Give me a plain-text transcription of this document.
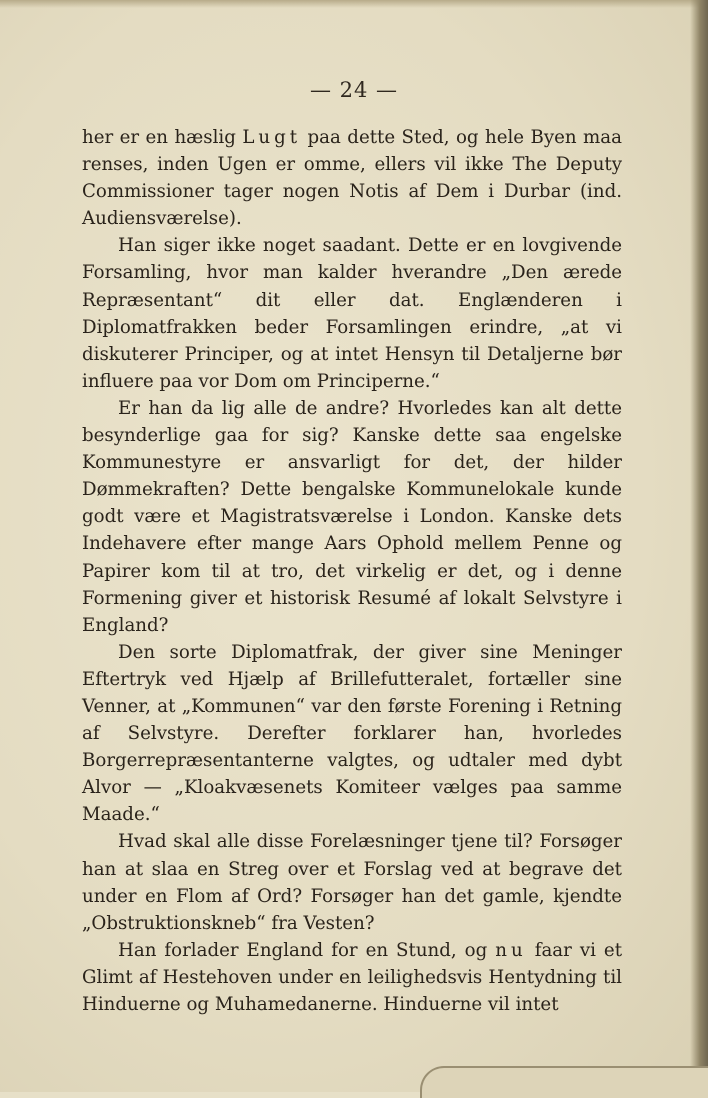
— 24 —

her er en hæslig Lugt paa dette Sted, og hele Byen maa renses, inden Ugen er omme, ellers vil ikke The Deputy Commissioner tager nogen Notis af Dem i Durbar (ind. Audiensværelse).

Han siger ikke noget saadant. Dette er en lovgivende Forsamling, hvor man kalder hverandre „Den ærede Repræsentant“ dit eller dat. Englænderen i Diplomatfrakken beder Forsamlingen erindre, „at vi diskuterer Principer, og at intet Hensyn til Detaljerne bør influere paa vor Dom om Principerne.“

Er han da lig alle de andre? Hvorledes kan alt dette besynderlige gaa for sig? Kanske dette saa engelske Kommunestyre er ansvarligt for det, der hilder Dømmekraften? Dette bengalske Kommunelokale kunde godt være et Magistratsværelse i London. Kanske dets Indehavere efter mange Aars Ophold mellem Penne og Papirer kom til at tro, det virkelig er det, og i denne Formening giver et historisk Resumé af lokalt Selvstyre i England?

Den sorte Diplomatfrak, der giver sine Meninger Eftertryk ved Hjælp af Brillefutteralet, fortæller sine Venner, at „Kommunen“ var den første Forening i Retning af Selvstyre. Derefter forklarer han, hvorledes Borgerrepræsentanterne valgtes, og udtaler med dybt Alvor — „Kloakvæsenets Komiteer vælges paa samme Maade.“

Hvad skal alle disse Forelæsninger tjene til? Forsøger han at slaa en Streg over et Forslag ved at begrave det under en Flom af Ord? Forsøger han det gamle, kjendte „Obstruktionsknеb“ fra Vesten?

Han forlader England for en Stund, og nu faar vi et Glimt af Hestehoven under en leilighedsvis Hentydning til Hinduerne og Muhamedanerne. Hinduerne vil intet
